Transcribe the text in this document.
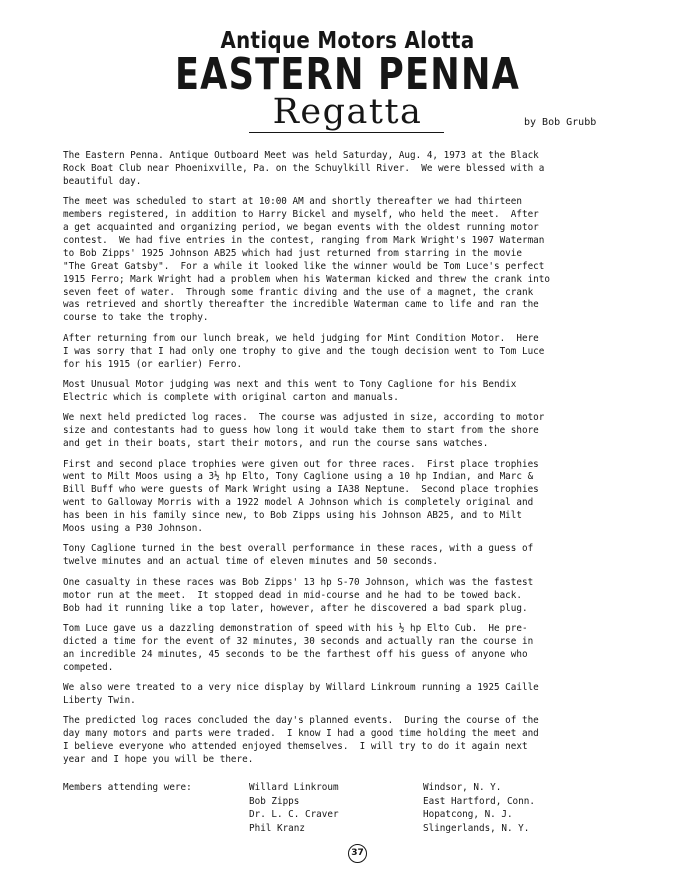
Antique Motors Alotta
EASTERN PENNA
Regatta	by Bob Grubb

The Eastern Penna. Antique Outboard Meet was held Saturday, Aug. 4, 1973 at the Black
Rock Boat Club near Phoenixville, Pa. on the Schuylkill River.  We were blessed with a
beautiful day.

The meet was scheduled to start at 10:00 AM and shortly thereafter we had thirteen
members registered, in addition to Harry Bickel and myself, who held the meet.  After
a get acquainted and organizing period, we began events with the oldest running motor
contest.  We had five entries in the contest, ranging from Mark Wright's 1907 Waterman
to Bob Zipps' 1925 Johnson AB25 which had just returned from starring in the movie
"The Great Gatsby".  For a while it looked like the winner would be Tom Luce's perfect
1915 Ferro; Mark Wright had a problem when his Waterman kicked and threw the crank into
seven feet of water.  Through some frantic diving and the use of a magnet, the crank
was retrieved and shortly thereafter the incredible Waterman came to life and ran the
course to take the trophy.

After returning from our lunch break, we held judging for Mint Condition Motor.  Here
I was sorry that I had only one trophy to give and the tough decision went to Tom Luce
for his 1915 (or earlier) Ferro.

Most Unusual Motor judging was next and this went to Tony Caglione for his Bendix
Electric which is complete with original carton and manuals.

We next held predicted log races.  The course was adjusted in size, according to motor
size and contestants had to guess how long it would take them to start from the shore
and get in their boats, start their motors, and run the course sans watches.

First and second place trophies were given out for three races.  First place trophies
went to Milt Moos using a 3½ hp Elto, Tony Caglione using a 10 hp Indian, and Marc &
Bill Buff who were guests of Mark Wright using a IA38 Neptune.  Second place trophies
went to Galloway Morris with a 1922 model A Johnson which is completely original and
has been in his family since new, to Bob Zipps using his Johnson AB25, and to Milt
Moos using a P30 Johnson.

Tony Caglione turned in the best overall performance in these races, with a guess of
twelve minutes and an actual time of eleven minutes and 50 seconds.

One casualty in these races was Bob Zipps' 13 hp S-70 Johnson, which was the fastest
motor run at the meet.  It stopped dead in mid-course and he had to be towed back.
Bob had it running like a top later, however, after he discovered a bad spark plug.

Tom Luce gave us a dazzling demonstration of speed with his ½ hp Elto Cub.  He pre-
dicted a time for the event of 32 minutes, 30 seconds and actually ran the course in
an incredible 24 minutes, 45 seconds to be the farthest off his guess of anyone who
competed.

We also were treated to a very nice display by Willard Linkroum running a 1925 Caille
Liberty Twin.

The predicted log races concluded the day's planned events.  During the course of the
day many motors and parts were traded.  I know I had a good time holding the meet and
I believe everyone who attended enjoyed themselves.  I will try to do it again next
year and I hope you will be there.

Members attending were:	Willard Linkroum
Bob Zipps
Dr. L. C. Craver
Phil Kranz
Windsor, N. Y.
East Hartford, Conn.
Hopatcong, N. J.
Slingerlands, N. Y.
37
